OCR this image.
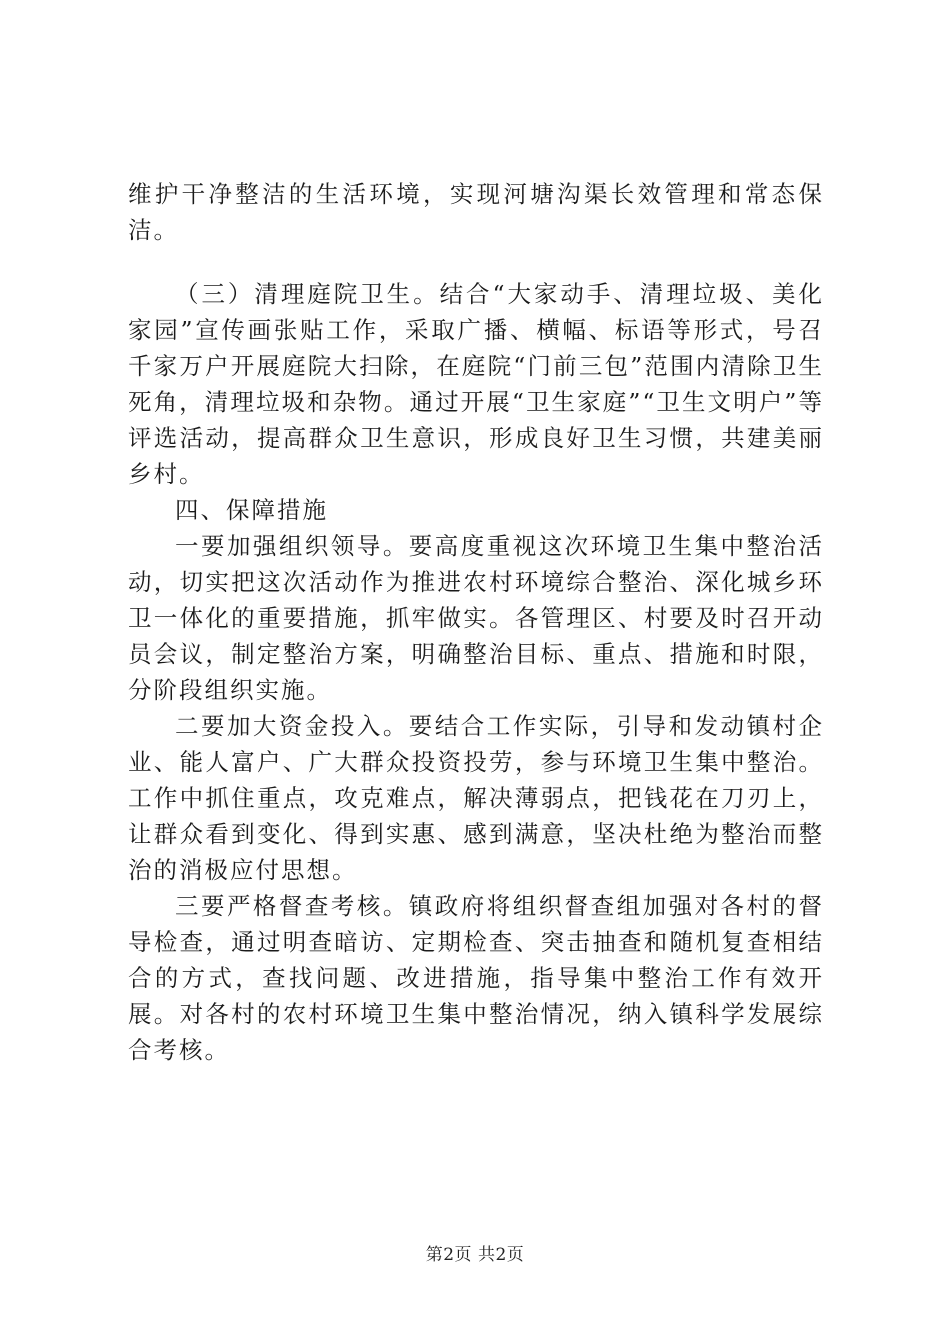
维护干净整洁的生活环境，实现河塘沟渠长效管理和常态保洁。

（三）清理庭院卫生。结合“大家动手、清理垃圾、美化家园”宣传画张贴工作，采取广播、横幅、标语等形式，号召千家万户开展庭院大扫除，在庭院“门前三包”范围内清除卫生死角，清理垃圾和杂物。通过开展“卫生家庭”“卫生文明户”等评选活动，提高群众卫生意识，形成良好卫生习惯，共建美丽乡村。

四、保障措施

一要加强组织领导。要高度重视这次环境卫生集中整治活动，切实把这次活动作为推进农村环境综合整治、深化城乡环卫一体化的重要措施，抓牢做实。各管理区、村要及时召开动员会议，制定整治方案，明确整治目标、重点、措施和时限，分阶段组织实施。

二要加大资金投入。要结合工作实际，引导和发动镇村企业、能人富户、广大群众投资投劳，参与环境卫生集中整治。工作中抓住重点，攻克难点，解决薄弱点，把钱花在刀刃上，让群众看到变化、得到实惠、感到满意，坚决杜绝为整治而整治的消极应付思想。

三要严格督查考核。镇政府将组织督查组加强对各村的督导检查，通过明查暗访、定期检查、突击抽查和随机复查相结合的方式，查找问题、改进措施，指导集中整治工作有效开展。对各村的农村环境卫生集中整治情况，纳入镇科学发展综合考核。

第2页 共2页
